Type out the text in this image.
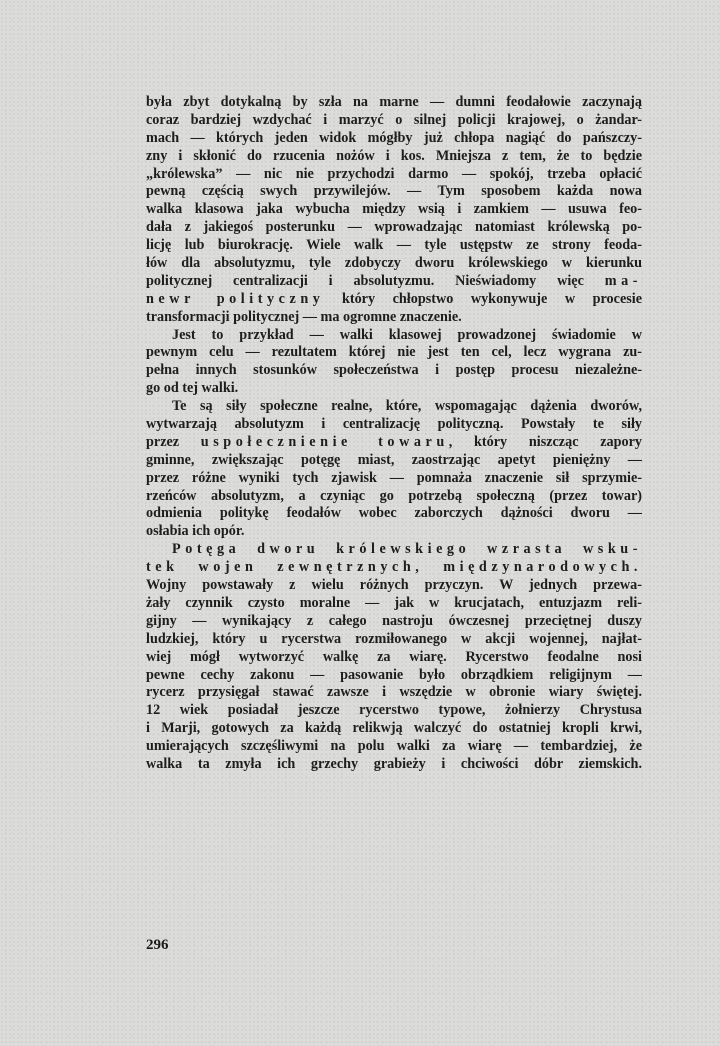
była zbyt dotykalną by szła na marne — dumni feodałowie zaczynają
coraz bardziej wzdychać i marzyć o silnej policji krajowej, o żandar-
mach — których jeden widok mógłby już chłopa nagiąć do pańszczy-
zny i skłonić do rzucenia nożów i kos. Mniejsza z tem, że to będzie
„królewska” — nic nie przychodzi darmo — spokój, trzeba opłacić
pewną częścią swych przywilejów. — Tym sposobem każda nowa
walka klasowa jaka wybucha między wsią i zamkiem — usuwa feo-
dała z jakiegoś posterunku — wprowadzając natomiast królewską po-
licję lub biurokrację. Wiele walk — tyle ustępstw ze strony feoda-
łów dla absolutyzmu, tyle zdobyczy dworu królewskiego w kierunku
politycznej centralizacji i absolutyzmu. Nieświadomy więc ma-
newr polityczny który chłopstwo wykonywuje w procesie
transformacji politycznej — ma ogromne znaczenie.
Jest to przykład — walki klasowej prowadzonej świadomie w
pewnym celu — rezultatem której nie jest ten cel, lecz wygrana zu-
pełna innych stosunków społeczeństwa i postęp procesu niezależne-
go od tej walki.
Te są siły społeczne realne, które, wspomagając dążenia dworów,
wytwarzają absolutyzm i centralizację polityczną. Powstały te siły
przez uspołecznienie towaru, który niszcząc zapory
gminne, zwiększając potęgę miast, zaostrzając apetyt pieniężny —
przez różne wyniki tych zjawisk — pomnaża znaczenie sił sprzymie-
rzeńców absolutyzm, a czyniąc go potrzebą społeczną (przez towar)
odmienia politykę feodałów wobec zaborczych dążności dworu —
osłabia ich opór.
Potęga dworu królewskiego wzrasta wsku-
tek wojen zewnętrznych, międzynarodowych.
Wojny powstawały z wielu różnych przyczyn. W jednych przewa-
żały czynnik czysto moralne — jak w krucjatach, entuzjazm reli-
gijny — wynikający z całego nastroju ówczesnej przeciętnej duszy
ludzkiej, który u rycerstwa rozmiłowanego w akcji wojennej, najłat-
wiej mógł wytworzyć walkę za wiarę. Rycerstwo feodalne nosi
pewne cechy zakonu — pasowanie było obrządkiem religijnym —
rycerz przysięgał stawać zawsze i wszędzie w obronie wiary świętej.
12 wiek posiadał jeszcze rycerstwo typowe, żołnierzy Chrystusa
i Marji, gotowych za każdą relikwją walczyć do ostatniej kropli krwi,
umierających szczęśliwymi na polu walki za wiarę — tembardziej, że
walka ta zmyła ich grzechy grabieży i chciwości dóbr ziemskich.
296
